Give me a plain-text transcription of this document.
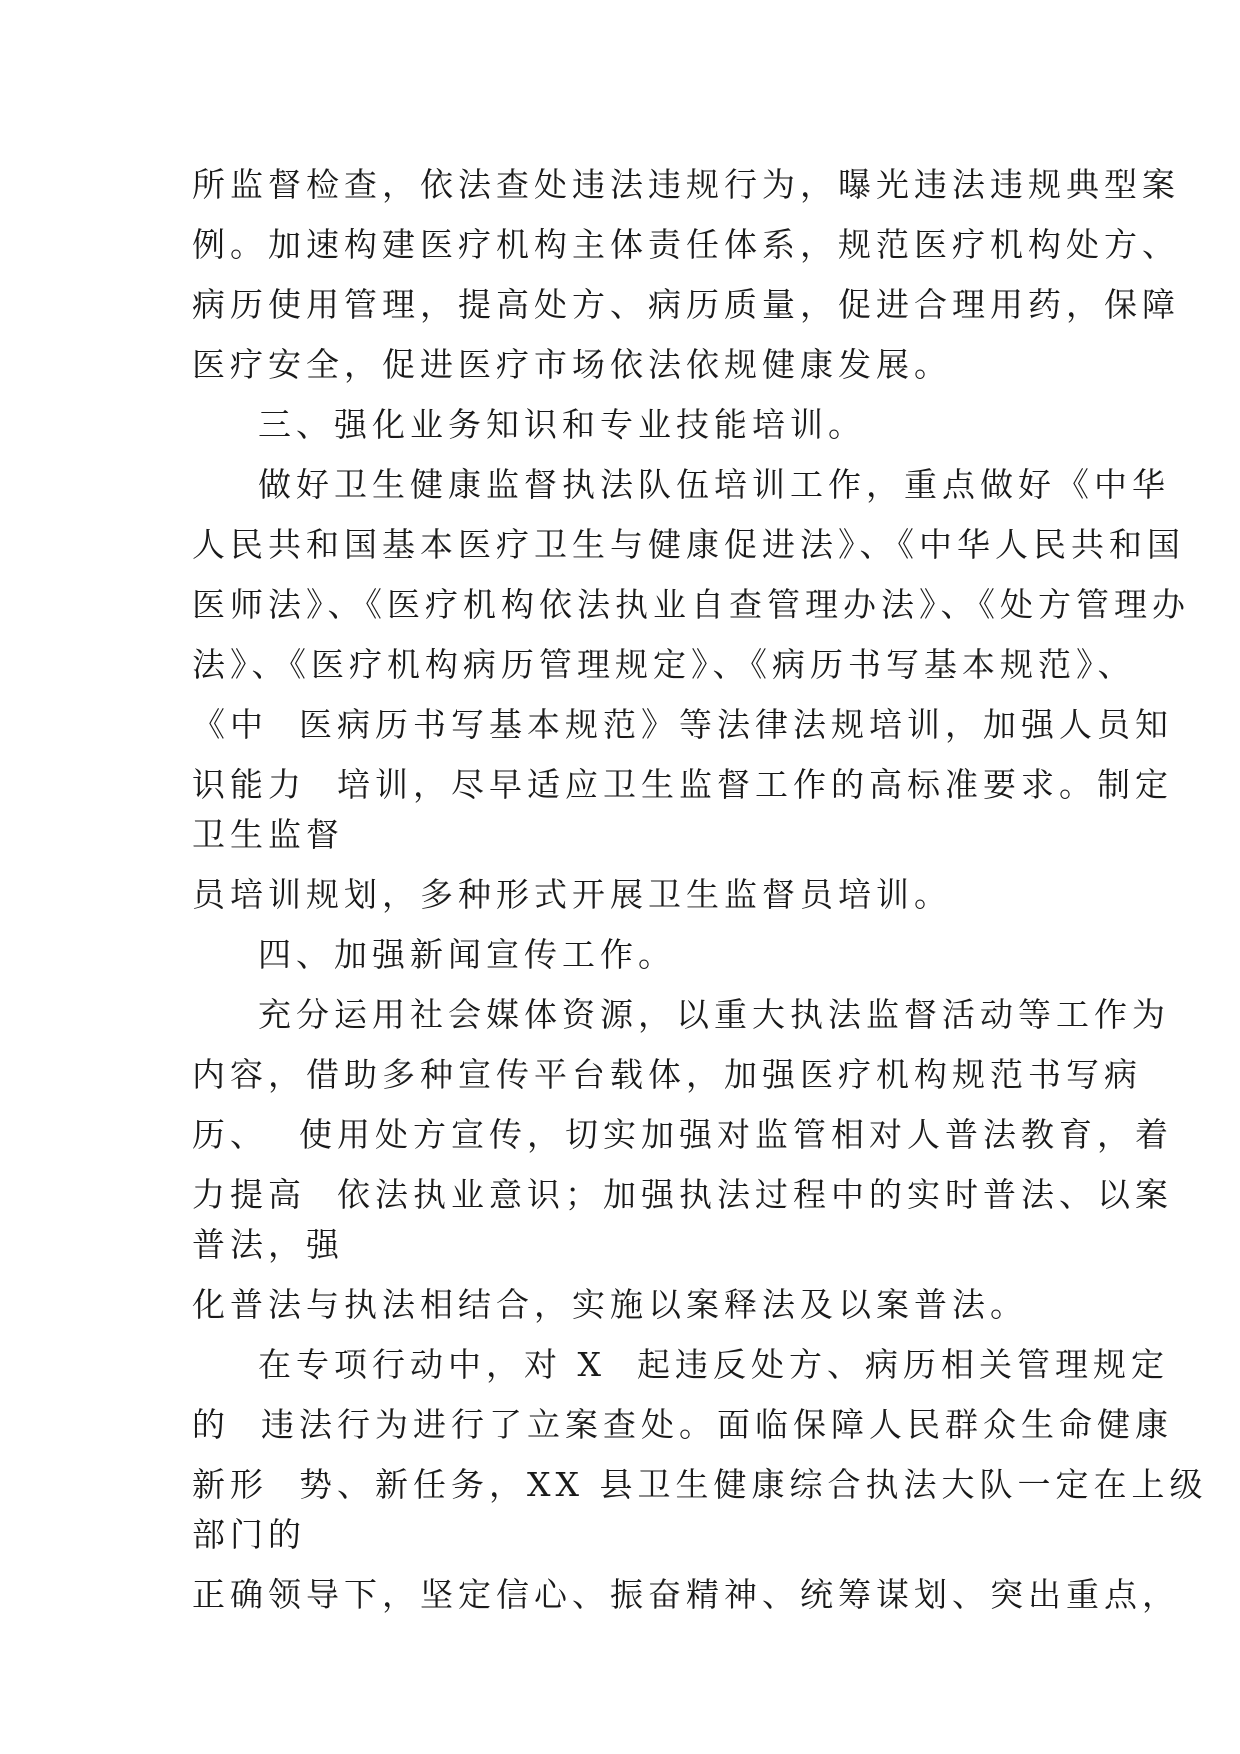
所监督检查，依法查处违法违规行为，曝光违法违规典型案
例。加速构建医疗机构主体责任体系，规范医疗机构处方、
病历使用管理，提高处方、病历质量，促进合理用药，保障
医疗安全，促进医疗市场依法依规健康发展。
三、强化业务知识和专业技能培训。
做好卫生健康监督执法队伍培训工作，重点做好《中华
人民共和国基本医疗卫生与健康促进法》、《中华人民共和国
医师法》、《医疗机构依法执业自查管理办法》、《处方管理办
法》、《医疗机构病历管理规定》、《病历书写基本规范》、
《中  医病历书写基本规范》等法律法规培训，加强人员知
识能力  培训，尽早适应卫生监督工作的高标准要求。制定
卫生监督
员培训规划，多种形式开展卫生监督员培训。
四、加强新闻宣传工作。
充分运用社会媒体资源，以重大执法监督活动等工作为
内容，借助多种宣传平台载体，加强医疗机构规范书写病
历、  使用处方宣传，切实加强对监管相对人普法教育，着
力提高  依法执业意识；加强执法过程中的实时普法、以案
普法，强
化普法与执法相结合，实施以案释法及以案普法。
在专项行动中，对 X  起违反处方、病历相关管理规定
的  违法行为进行了立案查处。面临保障人民群众生命健康
新形  势、新任务，XX 县卫生健康综合执法大队一定在上级
部门的
正确领导下，坚定信心、振奋精神、统筹谋划、突出重点，
